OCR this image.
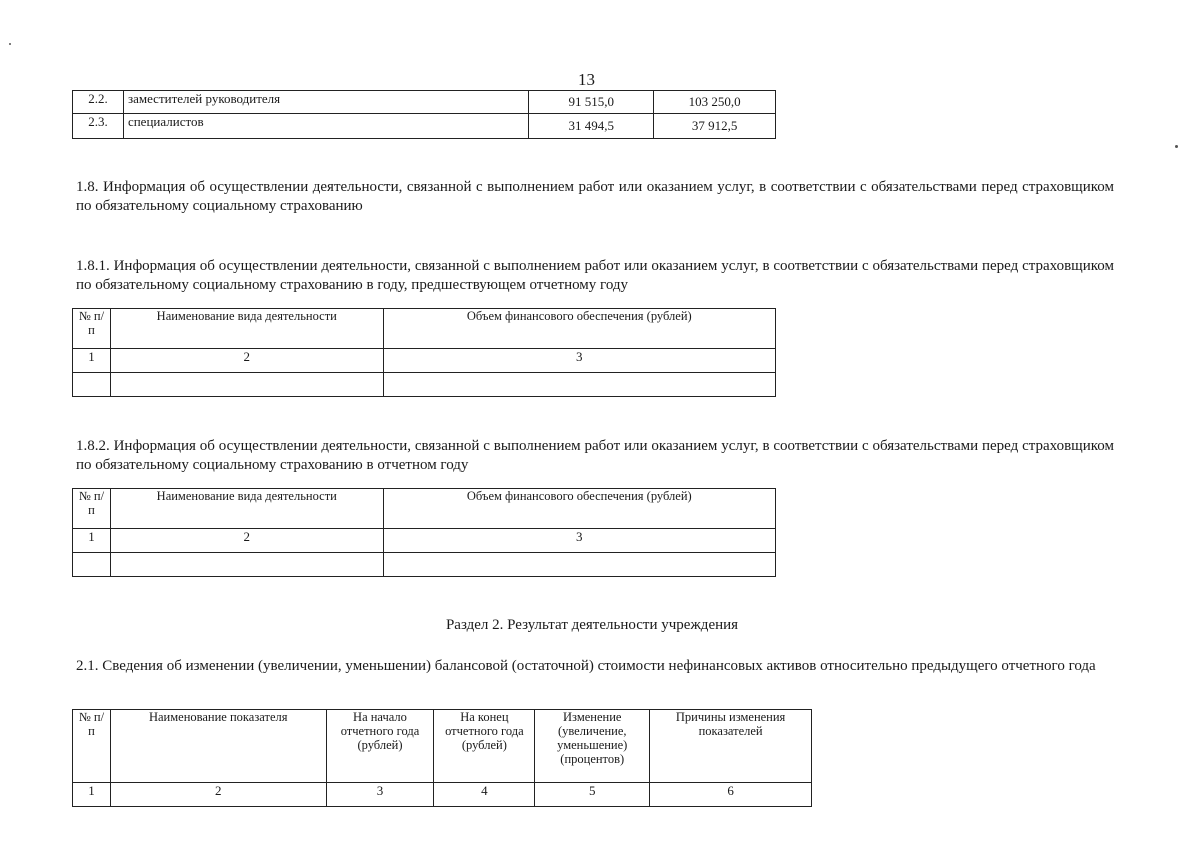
13
2.2.	заместителей руководителя	91 515,0	103 250,0
2.3.	специалистов	31 494,5	37 912,5

1.8. Информация об осуществлении деятельности, связанной с выполнением работ или оказанием услуг, в соответствии с обязательствами перед страховщиком по обязательному социальному страхованию

1.8.1. Информация об осуществлении деятельности, связанной с выполнением работ или оказанием услуг, в соответствии с обязательствами перед страховщиком по обязательному социальному страхованию в году, предшествующем отчетному году

№ п/п	Наименование вида деятельности	Объем финансового обеспечения (рублей)
1	2	3

1.8.2. Информация об осуществлении деятельности, связанной с выполнением работ или оказанием услуг, в соответствии с обязательствами перед страховщиком по обязательному социальному страхованию в отчетном году

№ п/п	Наименование вида деятельности	Объем финансового обеспечения (рублей)
1	2	3

Раздел 2. Результат деятельности учреждения

2.1. Сведения об изменении (увеличении, уменьшении) балансовой (остаточной) стоимости нефинансовых активов относительно предыдущего отчетного года

№ п/п	Наименование показателя	На начало отчетного года (рублей)	На конец отчетного года (рублей)	Изменение (увеличение, уменьшение) (процентов)	Причины изменения показателей
1	2	3	4	5	6
